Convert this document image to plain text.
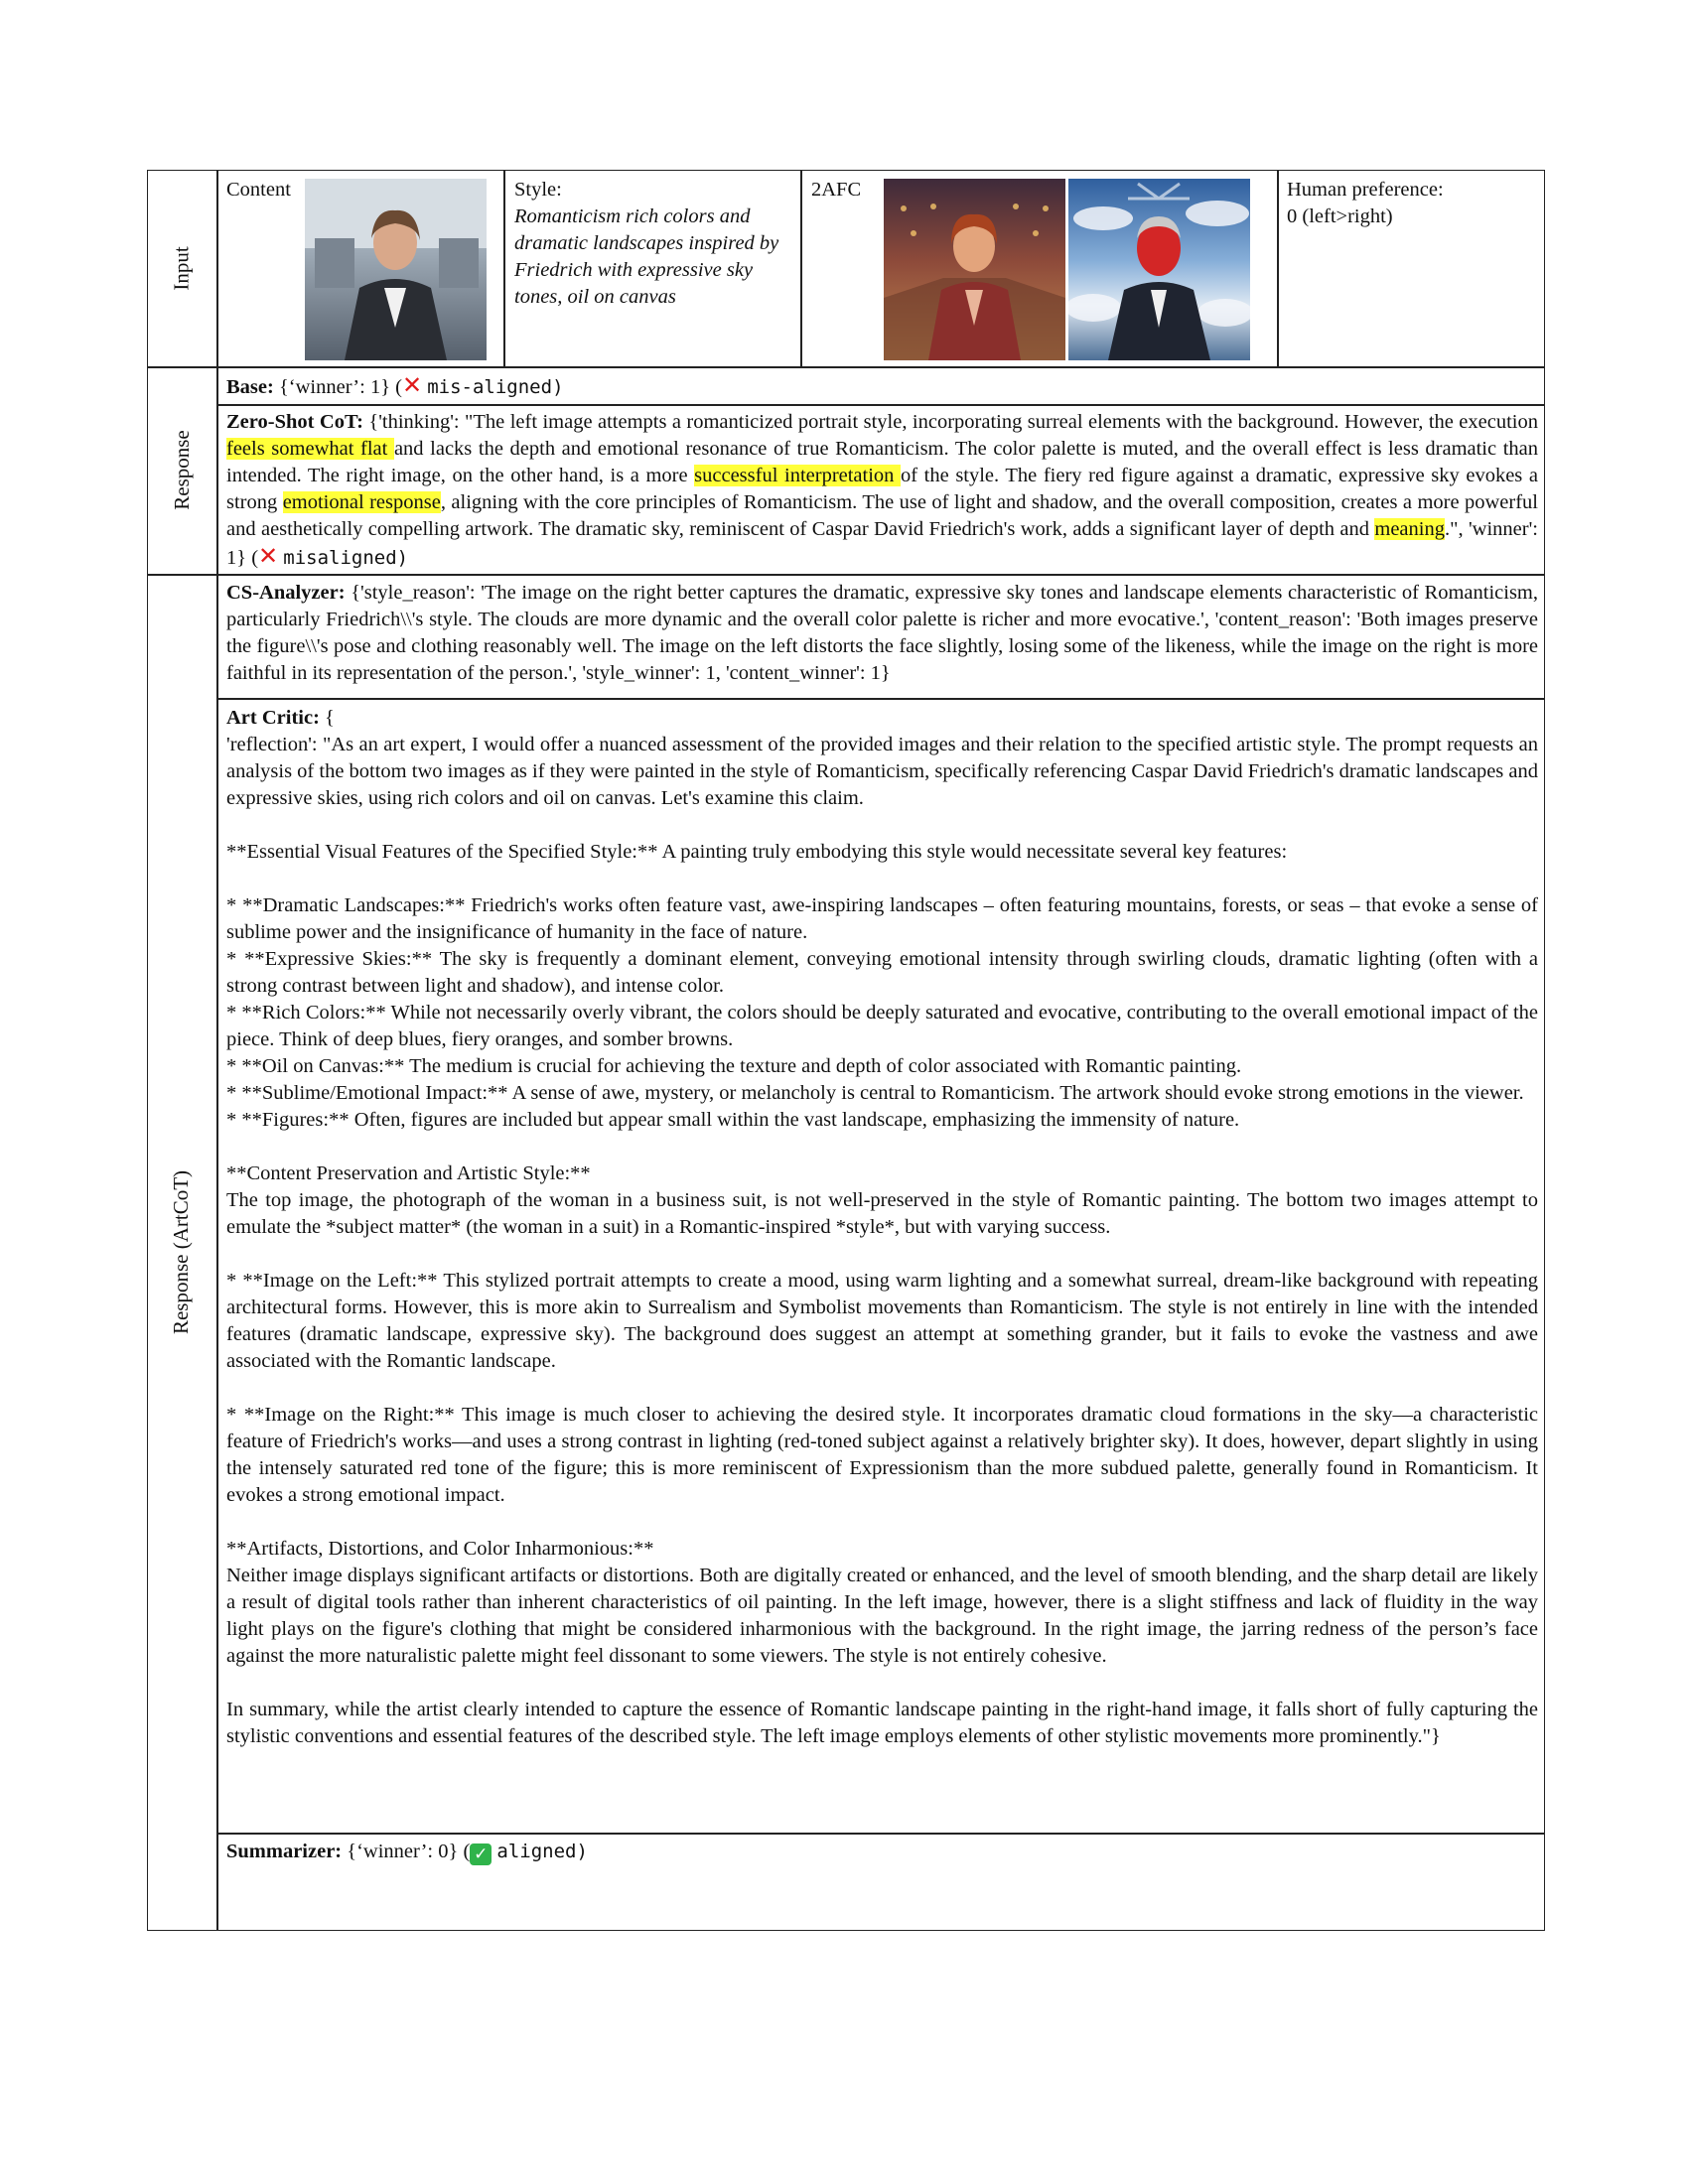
Input
Response
Response (ArtCoT)
Content	Style:
Romanticism rich colors and dramatic landscapes inspired by Friedrich with expressive sky tones, oil on canvas
2AFC	Human preference:
0 (left>right)
Base: {‘winner’: 1} (✕ mis-aligned)

Zero-Shot CoT: {'thinking': "The left image attempts a romanticized portrait style, incorporating surreal elements with the background. However, the execution feels somewhat flat and lacks the depth and emotional resonance of true Romanticism. The color palette is muted, and the overall effect is less dramatic than intended. The right image, on the other hand, is a more successful interpretation of the style. The fiery red figure against a dramatic, expressive sky evokes a strong emotional response, aligning with the core principles of Romanticism. The use of light and shadow, and the overall composition, creates a more powerful and aesthetically compelling artwork. The dramatic sky, reminiscent of Caspar David Friedrich's work, adds a significant layer of depth and meaning.", 'winner': 1} (✕ misaligned)

CS-Analyzer: {'style_reason': 'The image on the right better captures the dramatic, expressive sky tones and landscape elements characteristic of Romanticism, particularly Friedrich\\'s style. The clouds are more dynamic and the overall color palette is richer and more evocative.', 'content_reason': 'Both images preserve the figure\\'s pose and clothing reasonably well. The image on the left distorts the face slightly, losing some of the likeness, while the image on the right is more faithful in its representation of the person.', 'style_winner': 1, 'content_winner': 1}

Art Critic: {

'reflection': "As an art expert, I would offer a nuanced assessment of the provided images and their relation to the specified artistic style. The prompt requests an analysis of the bottom two images as if they were painted in the style of Romanticism, specifically referencing Caspar David Friedrich's dramatic landscapes and expressive skies, using rich colors and oil on canvas. Let's examine this claim.

**Essential Visual Features of the Specified Style:** A painting truly embodying this style would necessitate several key features:

* **Dramatic Landscapes:** Friedrich's works often feature vast, awe-inspiring landscapes – often featuring mountains, forests, or seas – that evoke a sense of sublime power and the insignificance of humanity in the face of nature.

* **Expressive Skies:** The sky is frequently a dominant element, conveying emotional intensity through swirling clouds, dramatic lighting (often with a strong contrast between light and shadow), and intense color.

* **Rich Colors:** While not necessarily overly vibrant, the colors should be deeply saturated and evocative, contributing to the overall emotional impact of the piece. Think of deep blues, fiery oranges, and somber browns.

* **Oil on Canvas:** The medium is crucial for achieving the texture and depth of color associated with Romantic painting.

* **Sublime/Emotional Impact:** A sense of awe, mystery, or melancholy is central to Romanticism. The artwork should evoke strong emotions in the viewer.

* **Figures:** Often, figures are included but appear small within the vast landscape, emphasizing the immensity of nature.

**Content Preservation and Artistic Style:**

The top image, the photograph of the woman in a business suit, is not well-preserved in the style of Romantic painting. The bottom two images attempt to emulate the *subject matter* (the woman in a suit) in a Romantic-inspired *style*, but with varying success.

* **Image on the Left:** This stylized portrait attempts to create a mood, using warm lighting and a somewhat surreal, dream-like background with repeating architectural forms. However, this is more akin to Surrealism and Symbolist movements than Romanticism. The style is not entirely in line with the intended features (dramatic landscape, expressive sky). The background does suggest an attempt at something grander, but it fails to evoke the vastness and awe associated with the Romantic landscape.

* **Image on the Right:** This image is much closer to achieving the desired style. It incorporates dramatic cloud formations in the sky—a characteristic feature of Friedrich's works—and uses a strong contrast in lighting (red-toned subject against a relatively brighter sky). It does, however, depart slightly in using the intensely saturated red tone of the figure; this is more reminiscent of Expressionism than the more subdued palette, generally found in Romanticism. It evokes a strong emotional impact.

**Artifacts, Distortions, and Color Inharmonious:**

Neither image displays significant artifacts or distortions. Both are digitally created or enhanced, and the level of smooth blending, and the sharp detail are likely a result of digital tools rather than inherent characteristics of oil painting. In the left image, however, there is a slight stiffness and lack of fluidity in the way light plays on the figure's clothing that might be considered inharmonious with the background. In the right image, the jarring redness of the person’s face against the more naturalistic palette might feel dissonant to some viewers. The style is not entirely cohesive.

In summary, while the artist clearly intended to capture the essence of Romantic landscape painting in the right-hand image, it falls short of fully capturing the stylistic conventions and essential features of the described style. The left image employs elements of other stylistic movements more prominently."}

Summarizer: {‘winner’: 0} ( ✓ aligned)
